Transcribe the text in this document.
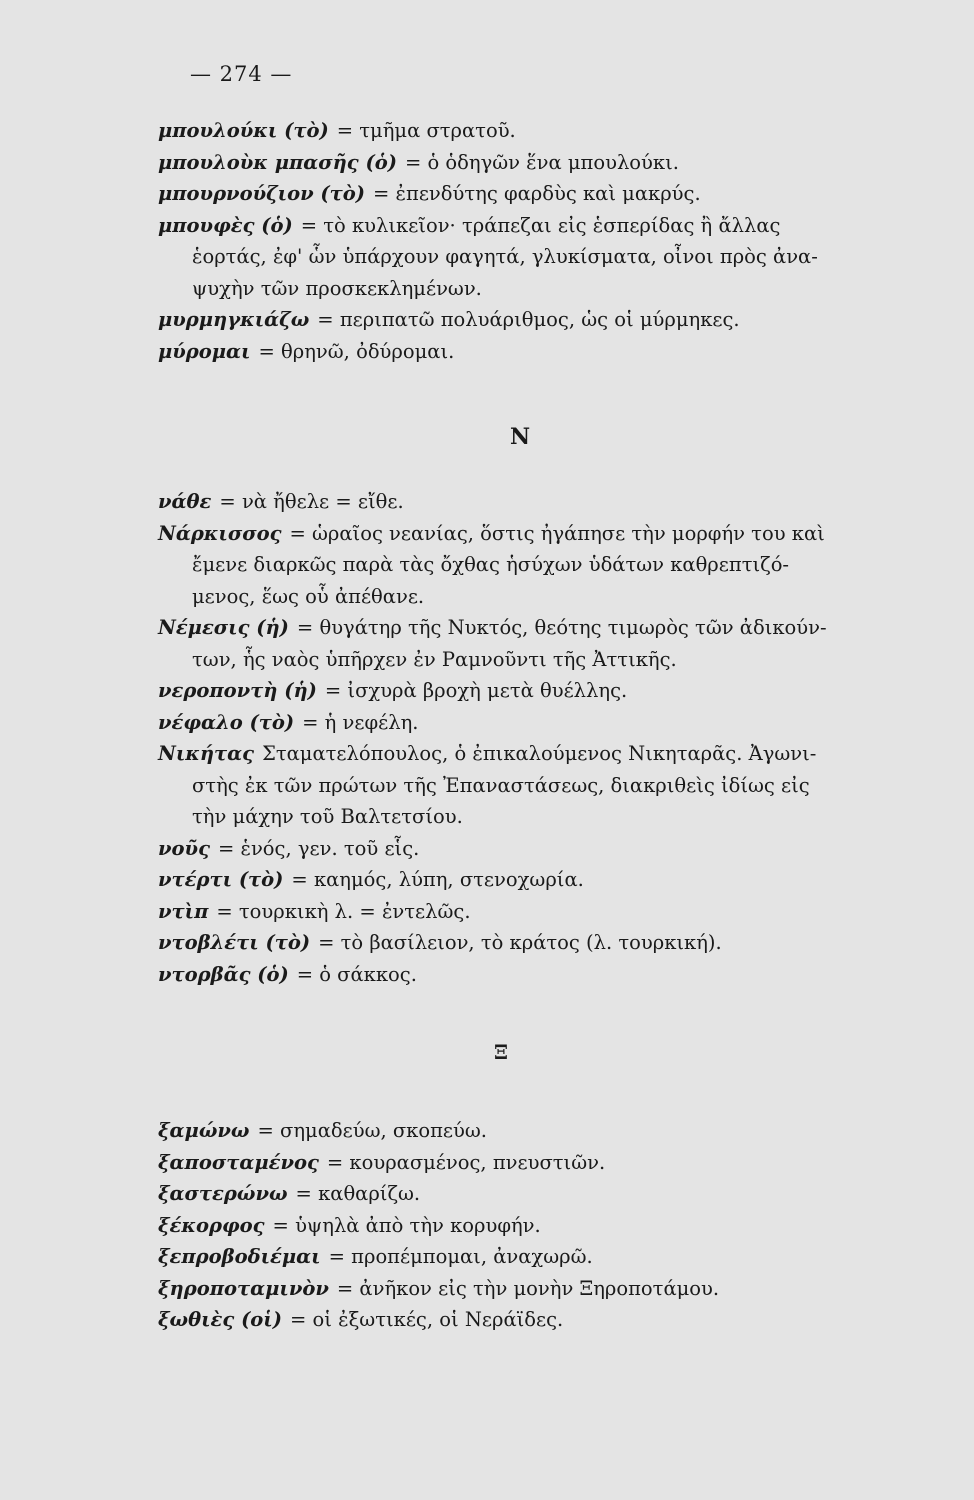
— 274 —

μπουλούκι (τὸ) = τμῆμα στρατοῦ.

μπουλοὺκ μπασῆς (ὁ) = ὁ ὁδηγῶν ἕνα μπουλούκι.

μπουρνούζιον (τὸ) = ἐπενδύτης φαρδὺς καὶ μακρύς.

μπουφὲς (ὁ) = τὸ κυλικεῖον· τράπεζαι εἰς ἑσπερίδας ἢ ἄλλας
ἑορτάς, ἐφ' ὧν ὑπάρχουν φαγητά, γλυκίσματα, οἶνοι πρὸς ἀνα-
ψυχὴν τῶν προσκεκλημένων.

μυρμηγκιάζω = περιπατῶ πολυάριθμος, ὡς οἱ μύρμηκες.

μύρομαι = θρηνῶ, ὀδύρομαι.

Ν

νάθε = νὰ ἤθελε = εἴθε.

Νάρκισσος = ὡραῖος νεανίας, ὅστις ἠγάπησε τὴν μορφήν του καὶ
ἔμενε διαρκῶς παρὰ τὰς ὄχθας ἡσύχων ὑδάτων καθρεπτιζό-
μενος, ἕως οὗ ἀπέθανε.

Νέμεσις (ἡ) = θυγάτηρ τῆς Νυκτός, θεότης τιμωρὸς τῶν ἀδικούν-
των, ἧς ναὸς ὑπῆρχεν ἐν Ραμνοῦντι τῆς Ἀττικῆς.

νεροποντὴ (ἡ) = ἰσχυρὰ βροχὴ μετὰ θυέλλης.

νέφαλο (τὸ) = ἡ νεφέλη.

Νικήτας Σταματελόπουλος, ὁ ἐπικαλούμενος Νικηταρᾶς. Ἀγωνι-
στὴς ἐκ τῶν πρώτων τῆς Ἐπαναστάσεως, διακριθεὶς ἰδίως εἰς
τὴν μάχην τοῦ Βαλτετσίου.

νοῦς = ἑνός, γεν. τοῦ εἷς.

ντέρτι (τὸ) = καημός, λύπη, στενοχωρία.

ντὶπ = τουρκικὴ λ. = ἐντελῶς.

ντοβλέτι (τὸ) = τὸ βασίλειον, τὸ κράτος (λ. τουρκική).

ντορβᾶς (ὁ) = ὁ σάκκος.

Ξ

ξαμώνω = σημαδεύω, σκοπεύω.

ξαποσταμένος = κουρασμένος, πνευστιῶν.

ξαστερώνω = καθαρίζω.

ξέκορφος = ὑψηλὰ ἀπὸ τὴν κορυφήν.

ξεπροβοδιέμαι = προπέμπομαι, ἀναχωρῶ.

ξηροποταμινὸν = ἀνῆκον εἰς τὴν μονὴν Ξηροποτάμου.

ξωθιὲς (οἱ) = οἱ ἐξωτικές, οἱ Νεράϊδες.
